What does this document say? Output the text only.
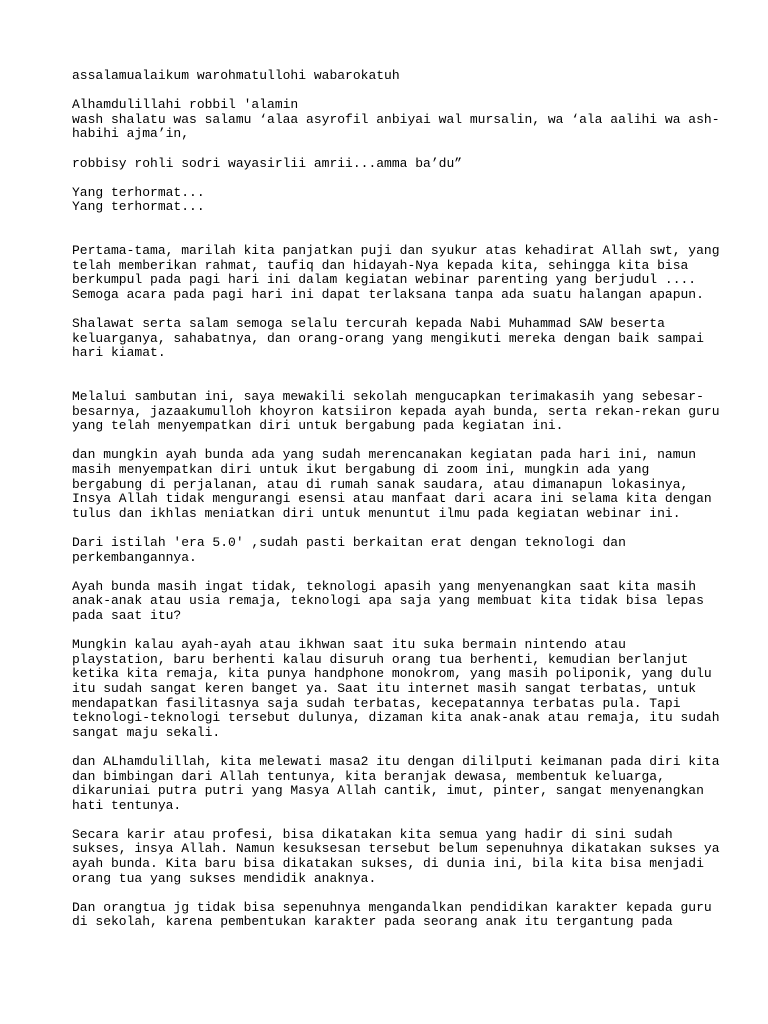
assalamualaikum warohmatullohi wabarokatuh
Alhamdulillahi robbil 'alamin
wash shalatu was salamu ‘alaa asyrofil anbiyai wal mursalin, wa ‘ala aalihi wa ash-
habihi ajma’in,
robbisy rohli sodri wayasirlii amrii...amma ba’du”
Yang terhormat...
Yang terhormat...
Pertama-tama, marilah kita panjatkan puji dan syukur atas kehadirat Allah swt, yang
telah memberikan rahmat, taufiq dan hidayah-Nya kepada kita, sehingga kita bisa
berkumpul pada pagi hari ini dalam kegiatan webinar parenting yang berjudul ....
Semoga acara pada pagi hari ini dapat terlaksana tanpa ada suatu halangan apapun.
Shalawat serta salam semoga selalu tercurah kepada Nabi Muhammad SAW beserta
keluarganya, sahabatnya, dan orang-orang yang mengikuti mereka dengan baik sampai
hari kiamat.
Melalui sambutan ini, saya mewakili sekolah mengucapkan terimakasih yang sebesar-
besarnya, jazaakumulloh khoyron katsiiron kepada ayah bunda, serta rekan-rekan guru
yang telah menyempatkan diri untuk bergabung pada kegiatan ini.
dan mungkin ayah bunda ada yang sudah merencanakan kegiatan pada hari ini, namun
masih menyempatkan diri untuk ikut bergabung di zoom ini, mungkin ada yang
bergabung di perjalanan, atau di rumah sanak saudara, atau dimanapun lokasinya,
Insya Allah tidak mengurangi esensi atau manfaat dari acara ini selama kita dengan
tulus dan ikhlas meniatkan diri untuk menuntut ilmu pada kegiatan webinar ini.
Dari istilah 'era 5.0' ,sudah pasti berkaitan erat dengan teknologi dan
perkembangannya.
Ayah bunda masih ingat tidak, teknologi apasih yang menyenangkan saat kita masih
anak-anak atau usia remaja, teknologi apa saja yang membuat kita tidak bisa lepas
pada saat itu?
Mungkin kalau ayah-ayah atau ikhwan saat itu suka bermain nintendo atau
playstation, baru berhenti kalau disuruh orang tua berhenti, kemudian berlanjut
ketika kita remaja, kita punya handphone monokrom, yang masih poliponik, yang dulu
itu sudah sangat keren banget ya. Saat itu internet masih sangat terbatas, untuk
mendapatkan fasilitasnya saja sudah terbatas, kecepatannya terbatas pula. Tapi
teknologi-teknologi tersebut dulunya, dizaman kita anak-anak atau remaja, itu sudah
sangat maju sekali.
dan ALhamdulillah, kita melewati masa2 itu dengan dililputi keimanan pada diri kita
dan bimbingan dari Allah tentunya, kita beranjak dewasa, membentuk keluarga,
dikaruniai putra putri yang Masya Allah cantik, imut, pinter, sangat menyenangkan
hati tentunya.
Secara karir atau profesi, bisa dikatakan kita semua yang hadir di sini sudah
sukses, insya Allah. Namun kesuksesan tersebut belum sepenuhnya dikatakan sukses ya
ayah bunda. Kita baru bisa dikatakan sukses, di dunia ini, bila kita bisa menjadi
orang tua yang sukses mendidik anaknya.
Dan orangtua jg tidak bisa sepenuhnya mengandalkan pendidikan karakter kepada guru
di sekolah, karena pembentukan karakter pada seorang anak itu tergantung pada
